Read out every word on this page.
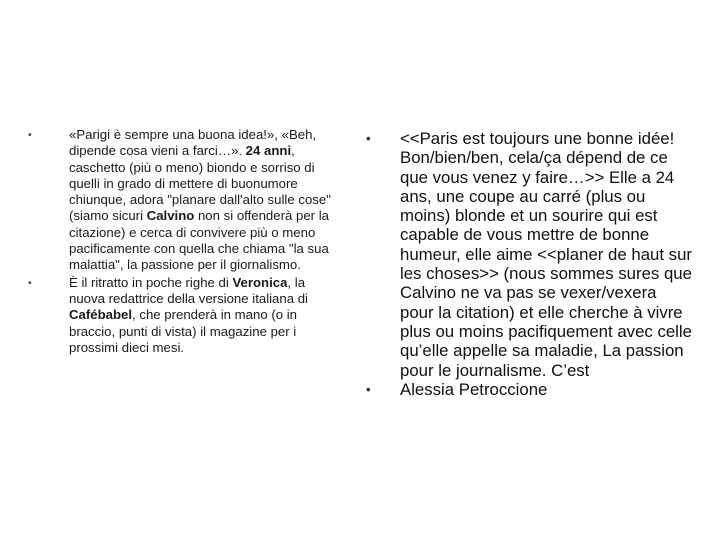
•	«Parigi è sempre una buona idea!», «Beh, dipende cosa vieni a farci…». 24 anni, caschetto (più o meno) biondo e sorriso di quelli in grado di mettere di buonumore chiunque, adora "planare dall'alto sulle cose" (siamo sicuri Calvino non si offenderà per la citazione) e cerca di convivere più o meno pacificamente con quella che chiama "la sua malattia", la passione per il giornalismo.
•	È il ritratto in poche righe di Veronica, la nuova redattrice della versione italiana di Cafébabel, che prenderà in mano (o in braccio, punti di vista) il magazine per i prossimi dieci mesi.
• <<Paris est toujours une bonne idée! Bon/bien/ben, cela/ça dépend de ce que vous venez y faire…>> Elle a 24 ans, une coupe au carré (plus ou moins) blonde et un sourire qui est capable de vous mettre de bonne humeur, elle aime <<planer de haut sur les choses>> (nous sommes sures que Calvino ne va pas se vexer/vexera pour la citation) et elle cherche à vivre plus ou moins pacifiquement avec celle qu’elle appelle sa maladie, La passion pour le journalisme. C’est
• Alessia Petroccione
